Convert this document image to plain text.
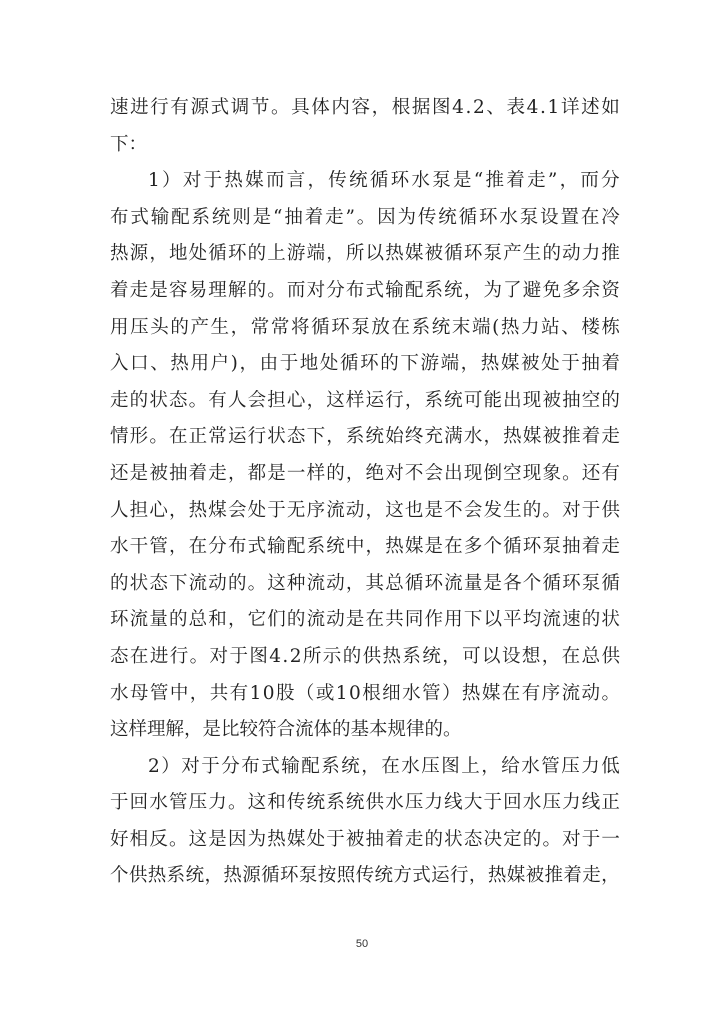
速 进 行 有 源 式 调 节 。 具 体 内 容 ， 根 据 图 4 . 2 、 表 4 . 1 详 述 如
下：
1 ） 对 于 热 媒 而 言 ， 传 统 循 环 水 泵 是 “ 推 着 走 ” ， 而 分
布 式 输 配 系 统 则 是 “ 抽 着 走 ” 。 因 为 传 统 循 环 水 泵 设 置 在 冷
热 源 ， 地 处 循 环 的 上 游 端 ， 所 以 热 媒 被 循 环 泵 产 生 的 动 力 推
着 走 是 容 易 理 解 的 。 而 对 分 布 式 输 配 系 统 ， 为 了 避 免 多 余 资
用 压 头 的 产 生 ， 常 常 将 循 环 泵 放 在 系 统 末 端 ( 热 力 站 、 楼 栋
入 口 、 热 用 户 ) ， 由 于 地 处 循 环 的 下 游 端 ， 热 媒 被 处 于 抽 着
走 的 状 态 。 有 人 会 担 心 ， 这 样 运 行 ， 系 统 可 能 出 现 被 抽 空 的
情 形 。 在 正 常 运 行 状 态 下 ， 系 统 始 终 充 满 水 ， 热 媒 被 推 着 走
还 是 被 抽 着 走 ， 都 是 一 样 的 ， 绝 对 不 会 出 现 倒 空 现 象 。 还 有
人 担 心 ， 热 煤 会 处 于 无 序 流 动 ， 这 也 是 不 会 发 生 的 。 对 于 供
水 干 管 ， 在 分 布 式 输 配 系 统 中 ， 热 媒 是 在 多 个 循 环 泵 抽 着 走
的 状 态 下 流 动 的 。 这 种 流 动 ， 其 总 循 环 流 量 是 各 个 循 环 泵 循
环 流 量 的 总 和 ， 它 们 的 流 动 是 在 共 同 作 用 下 以 平 均 流 速 的 状
态 在 进 行 。 对 于 图 4 . 2 所 示 的 供 热 系 统 ， 可 以 设 想 ， 在 总 供
水 母 管 中 ， 共 有 1 0 股 （ 或 1 0 根 细 水 管 ） 热 媒 在 有 序 流 动 。
这样理解，是比较符合流体的基本规律的。
2 ） 对 于 分 布 式 输 配 系 统 ， 在 水 压 图 上 ， 给 水 管 压 力 低
于 回 水 管 压 力 。 这 和 传 统 系 统 供 水 压 力 线 大 于 回 水 压 力 线 正
好 相 反 。 这 是 因 为 热 媒 处 于 被 抽 着 走 的 状 态 决 定 的 。 对 于 一
个 供 热 系 统 ， 热 源 循 环 泵 按 照 传 统 方 式 运 行 ， 热 媒 被 推 着 走 ，
50
